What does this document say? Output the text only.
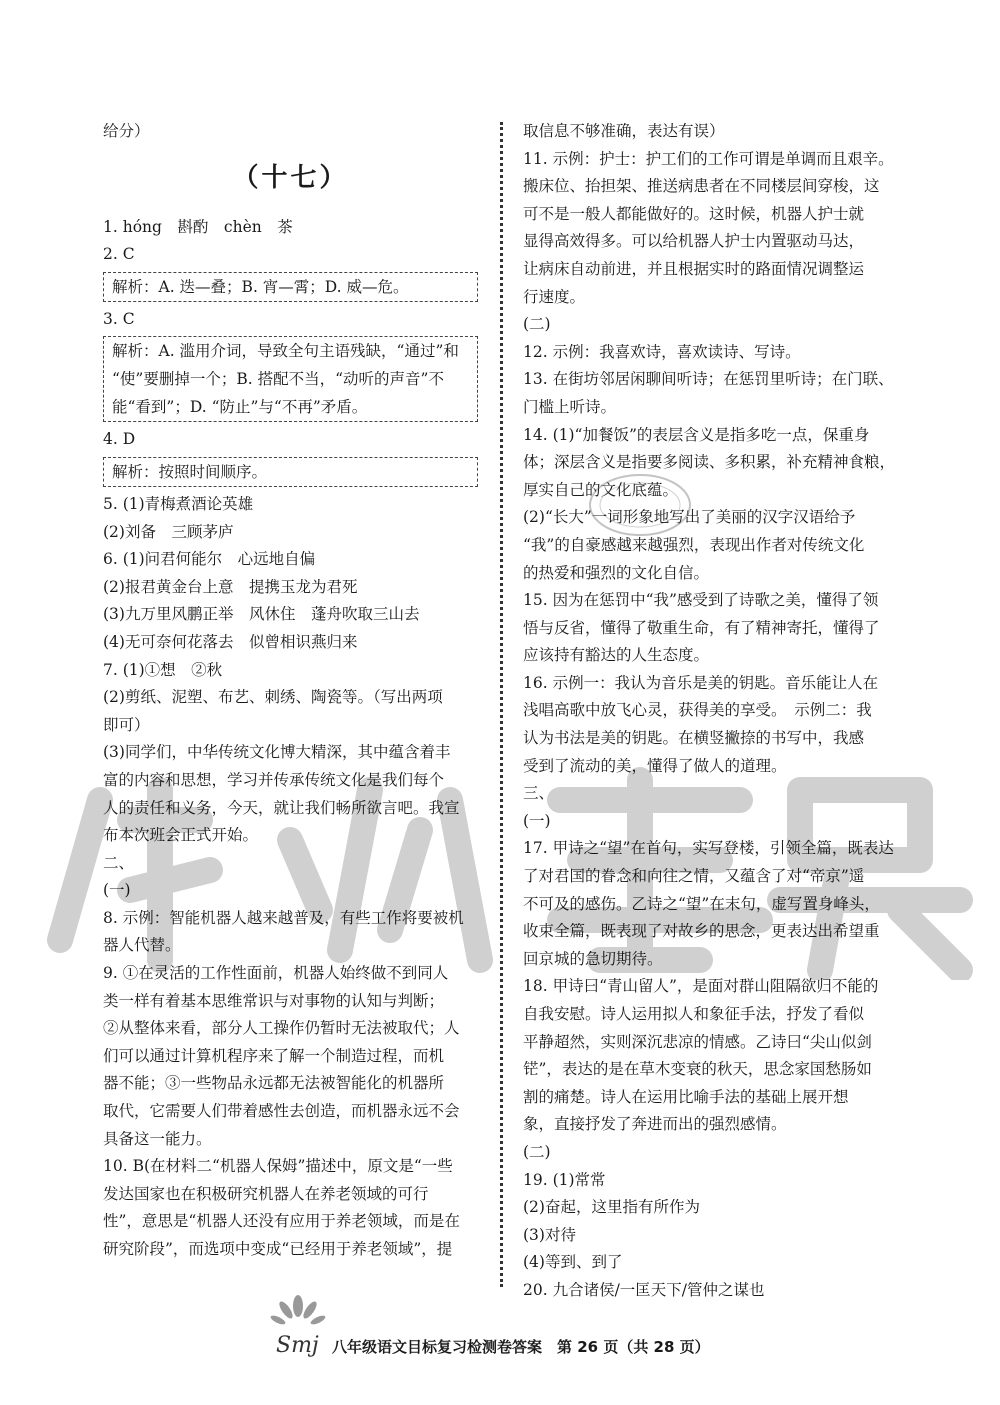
给分）
（十七）
1. hóng　斟酌　chèn　茶
2. C
解析：A. 迭—叠；B. 宵—霄；D. 威—危。
3. C
解析：A. 滥用介词，导致全句主语残缺，“通过”和
“使”要删掉一个；B. 搭配不当，“动听的声音”不
能“看到”；D. “防止”与“不再”矛盾。
4. D
解析：按照时间顺序。
5. (1)青梅煮酒论英雄
(2)刘备　三顾茅庐
6. (1)问君何能尔　心远地自偏
(2)报君黄金台上意　提携玉龙为君死
(3)九万里风鹏正举　风休住　蓬舟吹取三山去
(4)无可奈何花落去　似曾相识燕归来
7. (1)①想　②秋
(2)剪纸、泥塑、布艺、刺绣、陶瓷等。（写出两项
即可）
(3)同学们，中华传统文化博大精深，其中蕴含着丰
富的内容和思想，学习并传承传统文化是我们每个
人的责任和义务，今天，就让我们畅所欲言吧。我宣
布本次班会正式开始。
二、
(一)
8. 示例：智能机器人越来越普及，有些工作将要被机
器人代替。
9. ①在灵活的工作性面前，机器人始终做不到同人
类一样有着基本思维常识与对事物的认知与判断；
②从整体来看，部分人工操作仍暂时无法被取代；人
们可以通过计算机程序来了解一个制造过程，而机
器不能；③一些物品永远都无法被智能化的机器所
取代，它需要人们带着感性去创造，而机器永远不会
具备这一能力。
10. B(在材料二“机器人保姆”描述中，原文是“一些
发达国家也在积极研究机器人在养老领域的可行
性”，意思是“机器人还没有应用于养老领域，而是在
研究阶段”，而选项中变成“已经用于养老领域”，提
取信息不够准确，表达有误）
11. 示例：护士：护工们的工作可谓是单调而且艰辛。
搬床位、抬担架、推送病患者在不同楼层间穿梭，这
可不是一般人都能做好的。这时候，机器人护士就
显得高效得多。可以给机器人护士内置驱动马达，
让病床自动前进，并且根据实时的路面情况调整运
行速度。
(二)
12. 示例：我喜欢诗，喜欢读诗、写诗。
13. 在街坊邻居闲聊间听诗；在惩罚里听诗；在门联、
门槛上听诗。
14. (1)“加餐饭”的表层含义是指多吃一点，保重身
体；深层含义是指要多阅读、多积累，补充精神食粮，
厚实自己的文化底蕴。
(2)“长大”一词形象地写出了美丽的汉字汉语给予
“我”的自豪感越来越强烈，表现出作者对传统文化
的热爱和强烈的文化自信。
15. 因为在惩罚中“我”感受到了诗歌之美，懂得了领
悟与反省，懂得了敬重生命，有了精神寄托，懂得了
应该持有豁达的人生态度。
16. 示例一：我认为音乐是美的钥匙。音乐能让人在
浅唱高歌中放飞心灵，获得美的享受。　示例二：我
认为书法是美的钥匙。在横竖撇捺的书写中，我感
受到了流动的美，懂得了做人的道理。
三、
(一)
17. 甲诗之“望”在首句，实写登楼，引领全篇，既表达
了对君国的眷念和向往之情，又蕴含了对“帝京”遥
不可及的感伤。乙诗之“望”在末句，虚写置身峰头，
收束全篇，既表现了对故乡的思念，更表达出希望重
回京城的急切期待。
18. 甲诗曰“青山留人”，是面对群山阻隔欲归不能的
自我安慰。诗人运用拟人和象征手法，抒发了看似
平静超然，实则深沉悲凉的情感。乙诗曰“尖山似剑
铓”，表达的是在草木变衰的秋天，思念家国愁肠如
割的痛楚。诗人在运用比喻手法的基础上展开想
象，直接抒发了奔进而出的强烈感情。
(二)
19. (1)常常
(2)奋起，这里指有所作为
(3)对待
(4)等到、到了
20. 九合诸侯/一匡天下/管仲之谋也
Smj 八年级语文目标复习检测卷答案　第 26 页（共 28 页）
